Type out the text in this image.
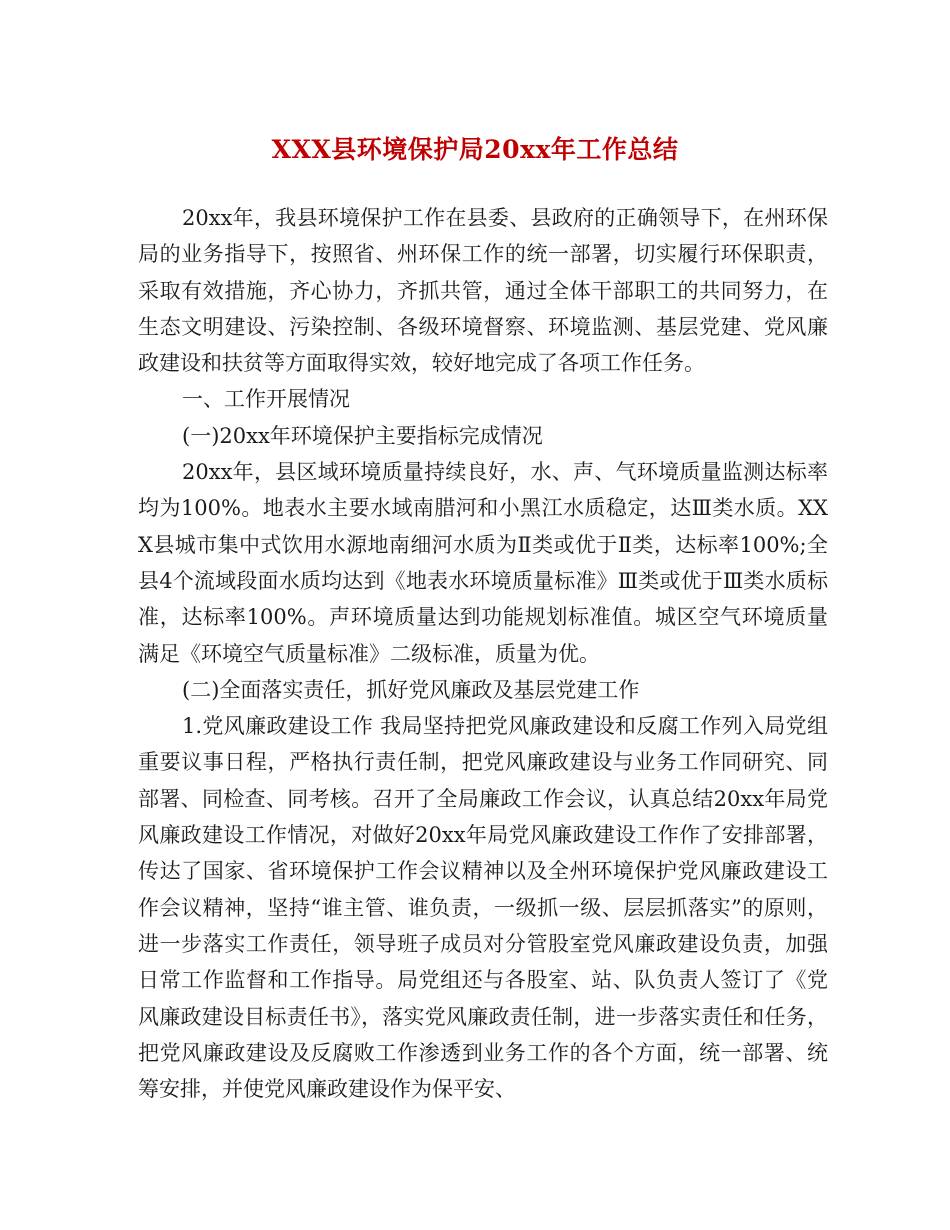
XXX县环境保护局20xx年工作总结

20xx年，我县环境保护工作在县委、县政府的正确领导下，在州环保局的业务指导下，按照省、州环保工作的统一部署，切实履行环保职责，采取有效措施，齐心协力，齐抓共管，通过全体干部职工的共同努力，在生态文明建设、污染控制、各级环境督察、环境监测、基层党建、党风廉政建设和扶贫等方面取得实效，较好地完成了各项工作任务。

一、工作开展情况

(一)20xx年环境保护主要指标完成情况

20xx年，县区域环境质量持续良好，水、声、气环境质量监测达标率均为100%。地表水主要水域南腊河和小黑江水质稳定，达Ⅲ类水质。XXX县城市集中式饮用水源地南细河水质为Ⅱ类或优于Ⅱ类，达标率100%;全县4个流域段面水质均达到《地表水环境质量标准》Ⅲ类或优于Ⅲ类水质标准，达标率100%。声环境质量达到功能规划标准值。城区空气环境质量满足《环境空气质量标准》二级标准，质量为优。

(二)全面落实责任，抓好党风廉政及基层党建工作

1.党风廉政建设工作 我局坚持把党风廉政建设和反腐工作列入局党组重要议事日程，严格执行责任制，把党风廉政建设与业务工作同研究、同部署、同检查、同考核。召开了全局廉政工作会议，认真总结20xx年局党风廉政建设工作情况，对做好20xx年局党风廉政建设工作作了安排部署，传达了国家、省环境保护工作会议精神以及全州环境保护党风廉政建设工作会议精神，坚持“谁主管、谁负责，一级抓一级、层层抓落实”的原则，进一步落实工作责任，领导班子成员对分管股室党风廉政建设负责，加强日常工作监督和工作指导。局党组还与各股室、站、队负责人签订了《党风廉政建设目标责任书》，落实党风廉政责任制，进一步落实责任和任务，把党风廉政建设及反腐败工作渗透到业务工作的各个方面，统一部署、统筹安排，并使党风廉政建设作为保平安、
